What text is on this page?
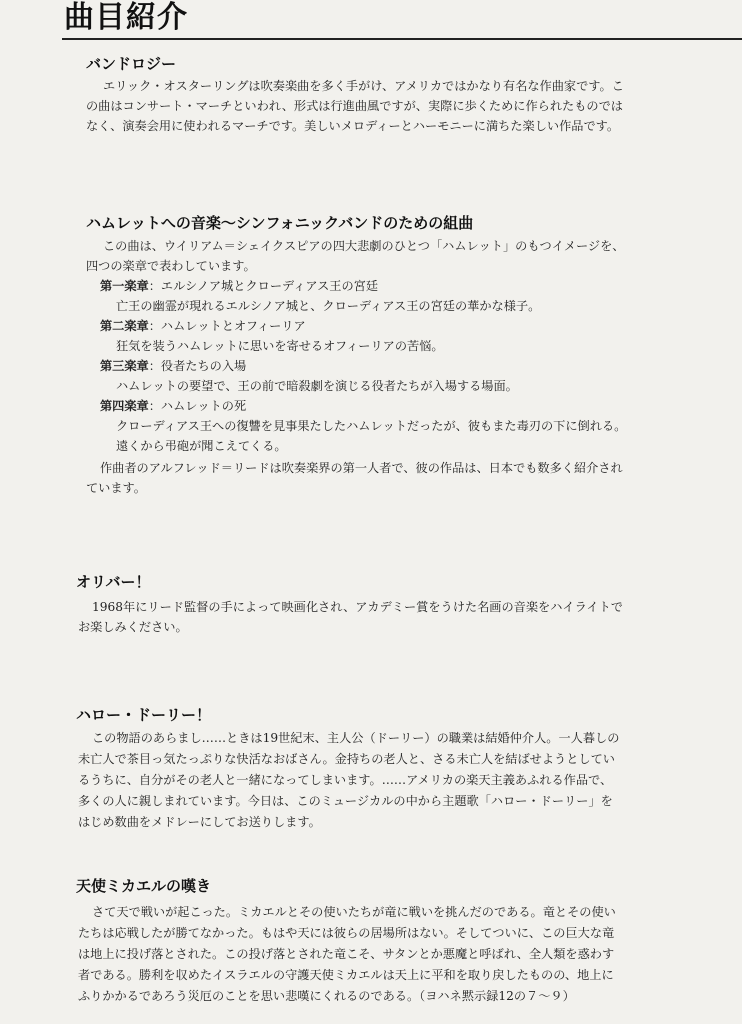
曲目紹介
バンドロジー
エリック・オスターリングは吹奏楽曲を多く手がけ、アメリカではかなり有名な作曲家です。こ
の曲はコンサート・マーチといわれ、形式は行進曲風ですが、実際に歩くために作られたものでは
なく、演奏会用に使われるマーチです。美しいメロディーとハーモニーに満ちた楽しい作品です。
ハムレットへの音楽〜シンフォニックバンドのための組曲
この曲は、ウイリアム＝シェイクスピアの四大悲劇のひとつ「ハムレット」のもつイメージを、
四つの楽章で表わしています。
第一楽章：エルシノア城とクローディアス王の宮廷
亡王の幽霊が現れるエルシノア城と、クローディアス王の宮廷の華かな様子。
第二楽章：ハムレットとオフィーリア
狂気を装うハムレットに思いを寄せるオフィーリアの苦悩。
第三楽章：役者たちの入場
ハムレットの要望で、王の前で暗殺劇を演じる役者たちが入場する場面。
第四楽章：ハムレットの死
クローディアス王への復讐を見事果たしたハムレットだったが、彼もまた毒刃の下に倒れる。
遠くから弔砲が聞こえてくる。
作曲者のアルフレッド＝リードは吹奏楽界の第一人者で、彼の作品は、日本でも数多く紹介され
ています。
オリバー！
1968年にリード監督の手によって映画化され、アカデミー賞をうけた名画の音楽をハイライトで
お楽しみください。
ハロー・ドーリー！
この物語のあらまし……ときは19世紀末、主人公（ドーリー）の職業は結婚仲介人。一人暮しの
未亡人で茶目っ気たっぷりな快活なおばさん。金持ちの老人と、さる未亡人を結ばせようとしてい
るうちに、自分がその老人と一緒になってしまいます。……アメリカの楽天主義あふれる作品で、
多くの人に親しまれています。今日は、このミュージカルの中から主題歌「ハロー・ドーリー」を
はじめ数曲をメドレーにしてお送りします。
天使ミカエルの嘆き
さて天で戦いが起こった。ミカエルとその使いたちが竜に戦いを挑んだのである。竜とその使い
たちは応戦したが勝てなかった。もはや天には彼らの居場所はない。そしてついに、この巨大な竜
は地上に投げ落とされた。この投げ落とされた竜こそ、サタンとか悪魔と呼ばれ、全人類を惑わす
者である。勝利を収めたイスラエルの守護天使ミカエルは天上に平和を取り戻したものの、地上に
ふりかかるであろう災厄のことを思い悲嘆にくれるのである。（ヨハネ黙示録12の７〜９）
